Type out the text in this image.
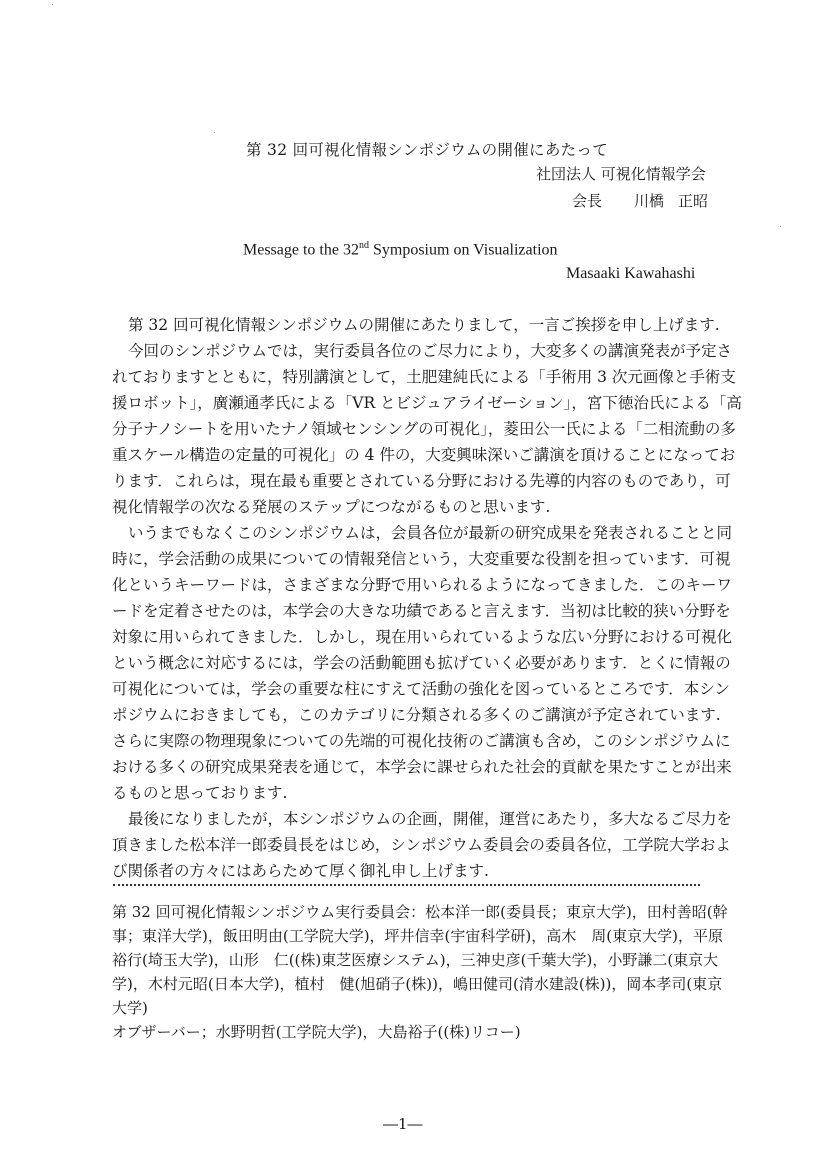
第 32 回可視化情報シンポジウムの開催にあたって
社団法人 可視化情報学会
会長 川橋 正昭
Message to the 32nd Symposium on Visualization
Masaaki Kawahashi
第 32 回可視化情報シンポジウムの開催にあたりまして，一言ご挨拶を申し上げます.
今回のシンポジウムでは，実行委員各位のご尽力により，大変多くの講演発表が予定さ
れておりますとともに，特別講演として，土肥建純氏による「手術用 3 次元画像と手術支
援ロボット」，廣瀬通孝氏による「VR とビジュアライゼーション」，宮下徳治氏による「高
分子ナノシートを用いたナノ領域センシングの可視化」，菱田公一氏による「二相流動の多
重スケール構造の定量的可視化」の 4 件の，大変興味深いご講演を頂けることになってお
ります．これらは，現在最も重要とされている分野における先導的内容のものであり，可
視化情報学の次なる発展のステップにつながるものと思います.
いうまでもなくこのシンポジウムは，会員各位が最新の研究成果を発表されることと同
時に，学会活動の成果についての情報発信という，大変重要な役割を担っています．可視
化というキーワードは，さまざまな分野で用いられるようになってきました．このキーワ
ードを定着させたのは，本学会の大きな功績であると言えます．当初は比較的狭い分野を
対象に用いられてきました．しかし，現在用いられているような広い分野における可視化
という概念に対応するには，学会の活動範囲も拡げていく必要があります．とくに情報の
可視化については，学会の重要な柱にすえて活動の強化を図っているところです．本シン
ポジウムにおきましても，このカテゴリに分類される多くのご講演が予定されています.
さらに実際の物理現象についての先端的可視化技術のご講演も含め，このシンポジウムに
おける多くの研究成果発表を通じて，本学会に課せられた社会的貢献を果たすことが出来
るものと思っております.
最後になりましたが，本シンポジウムの企画，開催，運営にあたり，多大なるご尽力を
頂きました松本洋一郎委員長をはじめ，シンポジウム委員会の委員各位，工学院大学およ
び関係者の方々にはあらためて厚く御礼申し上げます.
第 32 回可視化情報シンポジウム実行委員会：松本洋一郎(委員長；東京大学)，田村善昭(幹
事；東洋大学)，飯田明由(工学院大学)，坪井信幸(宇宙科学研)，高木　周(東京大学)，平原
裕行(埼玉大学)，山形　仁((株)東芝医療システム)，三神史彦(千葉大学)，小野謙二(東京大
学)，木村元昭(日本大学)，植村　健(旭硝子(株))，嶋田健司(清水建設(株))，岡本孝司(東京
大学)
オブザーバー；水野明哲(工学院大学)，大島裕子((株)リコー)
―1―
